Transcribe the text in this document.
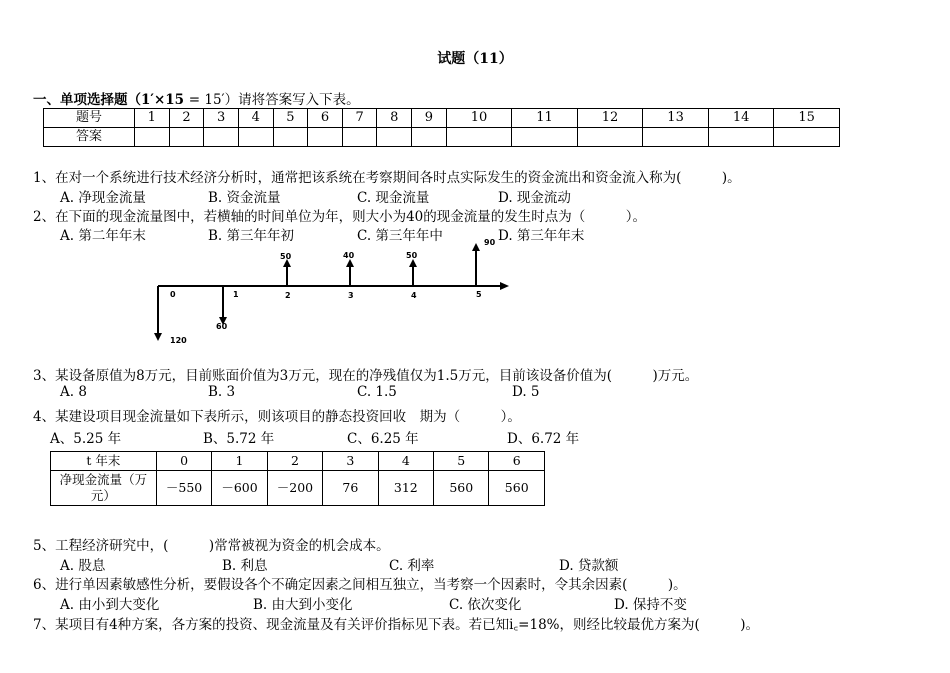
试题（11）
一、单项选择题（1′×15 = 15′）请将答案写入下表。
题号	1	2	3	4	5	6	7	8	9	10	11	12	13	14	15
答案															
1、在对一个系统进行技术经济分析时，通常把该系统在考察期间各时点实际发生的资金流出和资金流入称为(　　　)。
A. 净现金流量	B. 资金流量	C. 现金流量	D. 现金流动
2、在下面的现金流量图中，若横轴的时间单位为年，则大小为40的现金流量的发生时点为（　　　）。
A. 第二年年末	B. 第三年年初	C. 第三年年中	D. 第三年年末
0	1	2	3	4	5
50	40	50
90
120
60
3、某设备原值为8万元，目前账面价值为3万元，现在的净残值仅为1.5万元，目前该设备价值为(　　　)万元。
A. 8	B. 3	C. 1.5	D. 5
4、某建设项目现金流量如下表所示，则该项目的静态投资回收　期为（　　　）。
A、5.25 年	B、5.72 年	C、6.25 年	D、6.72 年
t 年末	0	1	2	3	4	5	6
净现金流量（万
元）	－550	－600	－200	76	312	560	560
5、工程经济研究中，(　　　)常常被视为资金的机会成本。
A. 股息	B. 利息	C. 利率	D. 贷款额
6、进行单因素敏感性分析，要假设各个不确定因素之间相互独立，当考察一个因素时，令其余因素(　　　)。
A. 由小到大变化	B. 由大到小变化	C. 依次变化	D. 保持不变
7、某项目有4种方案，各方案的投资、现金流量及有关评价指标见下表。若已知i꜀=18%，则经比较最优方案为(　　　)。
